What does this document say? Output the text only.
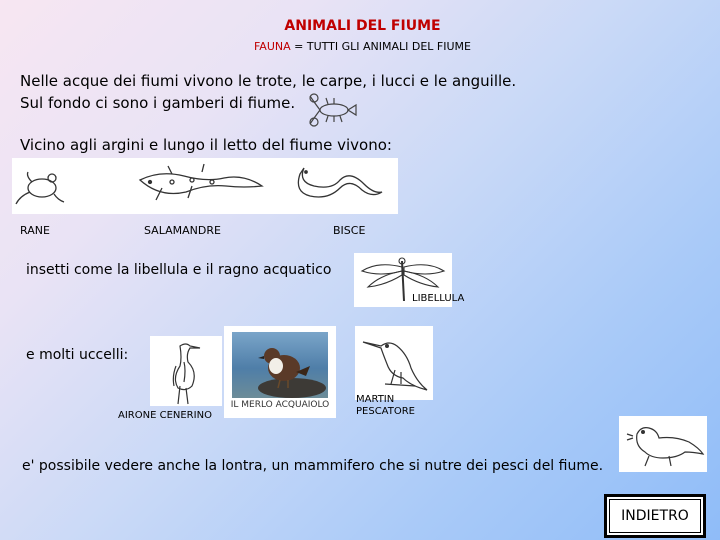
ANIMALI DEL FIUME
FAUNA = TUTTI GLI ANIMALI DEL FIUME
Nelle acque dei fiumi vivono le trote, le carpe, i lucci e le anguille.
Sul fondo ci sono i gamberi di fiume.
Vicino agli argini e lungo il letto del fiume vivono:
RANE	SALAMANDRE	BISCE
insetti come la libellula e il ragno acquatico
LIBELLULA
e molti uccelli:
AIRONE CENERINO
IL MERLO ACQUAIOLO	MARTIN
PESCATORE
e' possibile vedere anche la lontra, un mammifero che si nutre dei pesci del fiume.
INDIETRO
